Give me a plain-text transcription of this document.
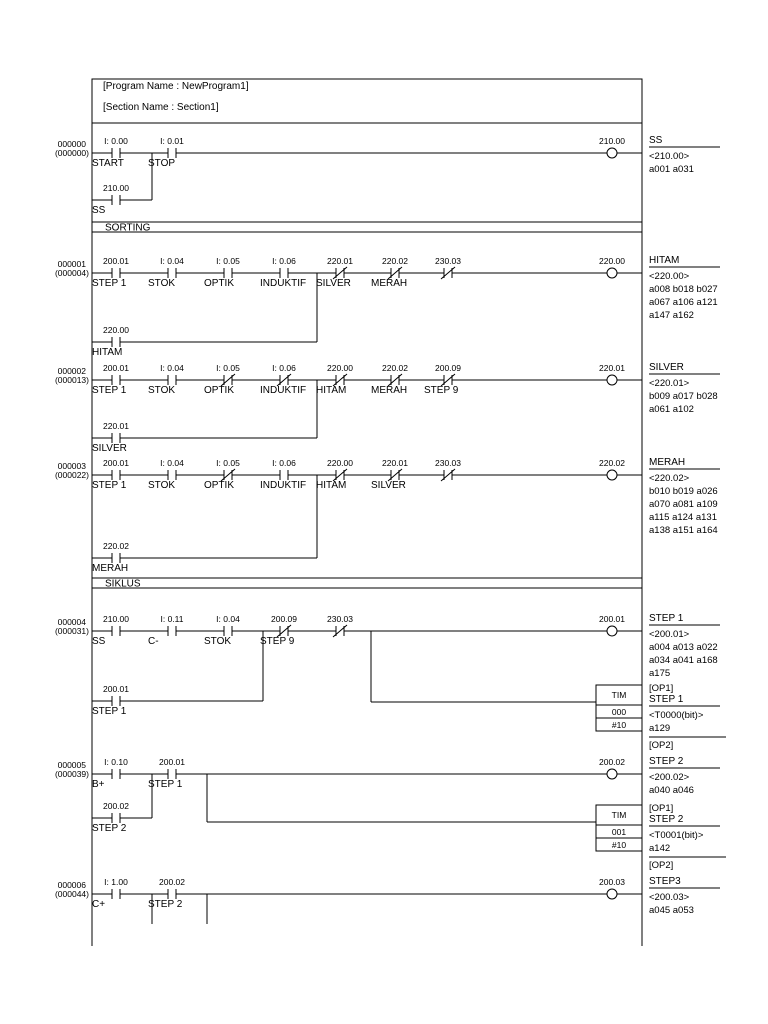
[Program Name : NewProgram1]
[Section Name : Section1]
000000
(000000)
I: 0.00
START
I: 0.01
STOP
210.00
SS
210.00 SS
<210.00>
a001 a031
SORTING
000001
(000004)
200.01
STEP 1
I: 0.04
STOK
I: 0.05
OPTIK
I: 0.06
INDUKTIF
220.01
SILVER
220.02
MERAH
230.03
220.00
HITAM
220.00 HITAM
<220.00>
a008 b018 b027
a067 a106 a121
a147 a162
000002
(000013)
200.01
STEP 1
I: 0.04
STOK
I: 0.05
OPTIK
I: 0.06
INDUKTIF
220.00
HITAM
220.02
MERAH
200.09
STEP 9
220.01
SILVER
220.01 SILVER
<220.01>
b009 a017 b028
a061 a102
000003
(000022)
200.01
STEP 1
I: 0.04
STOK
I: 0.05
OPTIK
I: 0.06
INDUKTIF
220.00
HITAM
220.01
SILVER
230.03
220.02
MERAH
220.02 MERAH
<220.02>
b010 b019 a026
a070 a081 a109
a115 a124 a131
a138 a151 a164
SIKLUS
000004
(000031)
210.00
SS
I: 0.11
C-
I: 0.04
STOK
200.09
STEP 9
230.03
200.01
STEP 1
200.01 STEP 1
<200.01>
a004 a013 a022
a034 a041 a168
a175
TIM
000
#10
[OP1]
STEP 1
<T0000(bit)>
a129
[OP2]
000005
(000039)
I: 0.10
B+
200.01
STEP 1
200.02
STEP 2
200.02 STEP 2
<200.02>
a040 a046
TIM
001
#10
[OP1]
STEP 2
<T0001(bit)>
a142
[OP2]
000006
(000044)
I: 1.00
C+
200.02
STEP 2
200.03 STEP3
<200.03>
a045 a053
